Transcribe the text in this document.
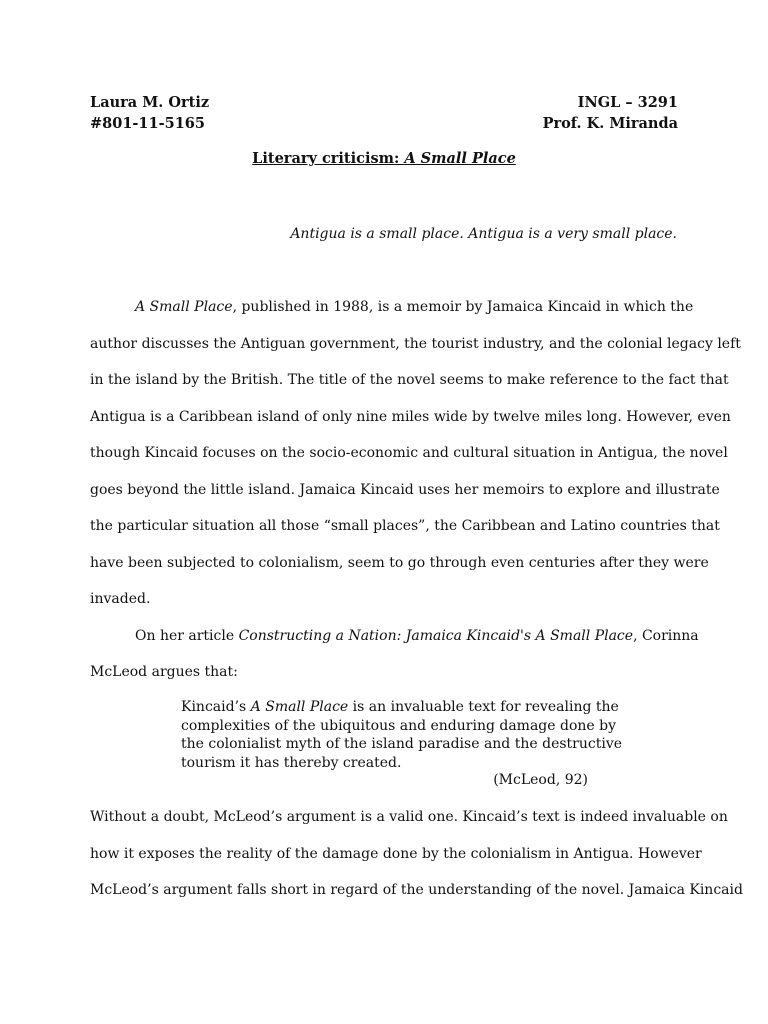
Laura M. Ortiz
#801-11-5165
INGL – 3291
Prof. K. Miranda
Literary criticism: A Small Place
Antigua is a small place. Antigua is a very small place.
A Small Place, published in 1988, is a memoir by Jamaica Kincaid in which the
author discusses the Antiguan government, the tourist industry, and the colonial legacy left
in the island by the British. The title of the novel seems to make reference to the fact that
Antigua is a Caribbean island of only nine miles wide by twelve miles long. However, even
though Kincaid focuses on the socio-economic and cultural situation in Antigua, the novel
goes beyond the little island. Jamaica Kincaid uses her memoirs to explore and illustrate
the particular situation all those “small places”, the Caribbean and Latino countries that
have been subjected to colonialism, seem to go through even centuries after they were
invaded.
On her article Constructing a Nation: Jamaica Kincaid's A Small Place, Corinna
McLeod argues that:
Kincaid’s A Small Place is an invaluable text for revealing the
complexities of the ubiquitous and enduring damage done by
the colonialist myth of the island paradise and the destructive
tourism it has thereby created.
(McLeod, 92)
Without a doubt, McLeod’s argument is a valid one. Kincaid’s text is indeed invaluable on
how it exposes the reality of the damage done by the colonialism in Antigua. However
McLeod’s argument falls short in regard of the understanding of the novel. Jamaica Kincaid
